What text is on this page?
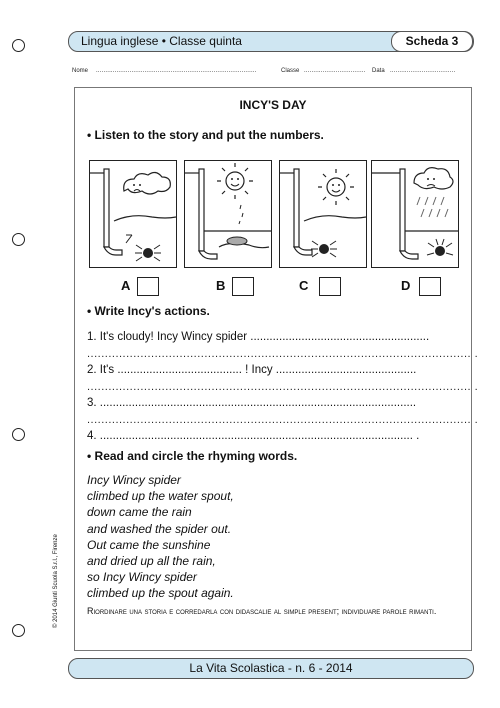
Lingua inglese • Classe quinta	Scheda 3
Nome ......................................................................................	Classe ................................. Data ...................................
INCY'S DAY
• Listen to the story and put the numbers.
A	B	C	D
• Write Incy's actions.
1. It's cloudy! Incy Wincy spider ........................................................
............................................................................................................ .
2. It's ....................................... ! Incy ............................................
............................................................................................................ .
3. ...................................................................................................
............................................................................................................ .
4. .................................................................................................. .
• Read and circle the rhyming words.
Incy Wincy spider
climbed up the water spout,
down came the rain
and washed the spider out.
Out came the sunshine
and dried up all the rain,
so Incy Wincy spider
climbed up the spout again.
Riordinare una storia e corredarla con didascalie al simple present; individuare parole rimanti.
© 2014 Giunti Scuola S.r.l., Firenze
La Vita Scolastica - n. 6 - 2014
